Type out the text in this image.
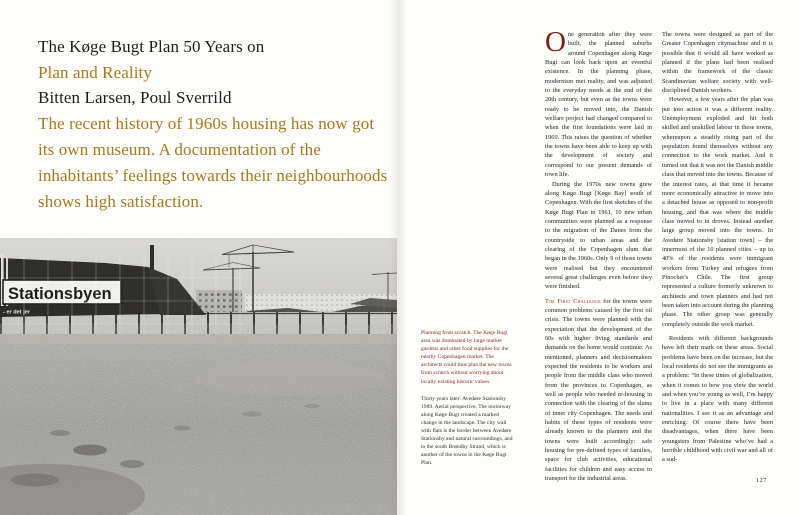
The Køge Bugt Plan 50 Years on
Plan and Reality
Bitten Larsen, Poul Sverrild

The recent history of 1960s housing has now got its own museum. A documentation of the inhabitants’ feelings towards their neighbourhoods shows high satisfaction.

Stationsbyen
- er det jer

Planning from scratch. The Køge Bugt area was dominated by large market gardens and other food supplies for the nearby Copenhagen market. The architects could thus plan the new towns from scratch without worrying about locally existing historic values.

Thirty years later: Avedøre Stationsby 1989. Aerial perspective. The motorway along Køge Bugt created a marked change in the landscape. The city wall with flats is the border between Avedøre Stationsby and natural surroundings, and to the south Brøndby Strand, which is another of the towns in the Køge Bugt Plan.

One generation after they were built, the planned suburbs around Copenhagen along Køge Bugt can look back upon an eventful existence. In the planning phase, modernism met reality, and was adjusted to the everyday needs at the end of the 20th century, but even as the towns were ready to be moved into, the Danish welfare project had changed compared to when the first foundations were laid in 1969. This raises the question of whether the towns have been able to keep up with the development of society and correspond to our present demands of town life.

During the 1970s new towns grew along Køge Bugt [Køge Bay] south of Copenhagen. With the first sketches of the Køge Bugt Plan in 1961, 10 new urban communities were planned as a response to the migration of the Danes from the countryside to urban areas and the clearing of the Copenhagen slum that began in the 1960s. Only 9 of those towns were realised but they encountered several great challenges even before they were finished.

The First Challenge for the towns were common problems caused by the first oil crisis. The towns were planned with the expectation that the development of the 60s with higher living standards and demands on the home would continue. As mentioned, planners and decisionmakers expected the residents to be workers and people from the middle class who moved from the provinces to Copenhagen, as well as people who needed re-housing in connection with the clearing of the slums of inner city Copenhagen. The needs and habits of these types of residents were already known to the planners and the towns were built accordingly: safe housing for pre-defined types of families, space for club activities, educational facilities for children and easy access to transport for the industrial areas.

The towns were designed as part of the Greater Copenhagen citymachine and it is possible that it would all have worked as planned if the plans had been realised within the framework of the classic Scandinavian welfare society with well-disciplined Danish workers.

However, a few years after the plan was put into action it was a different reality. Unemployment exploded and hit both skilled and unskilled labour in these towns, whereupon a steadily rising part of the population found themselves without any connection to the work market. And it turned out that it was not the Danish middle class that moved into the towns. Because of the interest rates, at that time it became more economically attractive to move into a detached house as opposed to non-profit housing, and that was where the middle class moved to in droves. Instead another large group moved into the towns. In Avedøre Stationsby [station town] – the innermost of the 10 planned cities – up to 40% of the residents were immigrant workers from Turkey and refugees from Pinochet’s Chile. The first group represented a culture formerly unknown to architects and town planners and had not been taken into account during the planning phase. The other group was generally completely outside the work market.

Residents with different backgrounds have left their mark on these areas. Social problems have been on the increase, but the local residents do not see the immigrants as a problem: “In these times of globalization, when it comes to how you view the world and when you’re young as well, I’m happy to live in a place with many different nationalities. I see it as an advantage and enriching. Of course there have been disadvantages, when there have been youngsters from Palestine who’ve had a horrible childhood with civil war and all of a sud-

127
